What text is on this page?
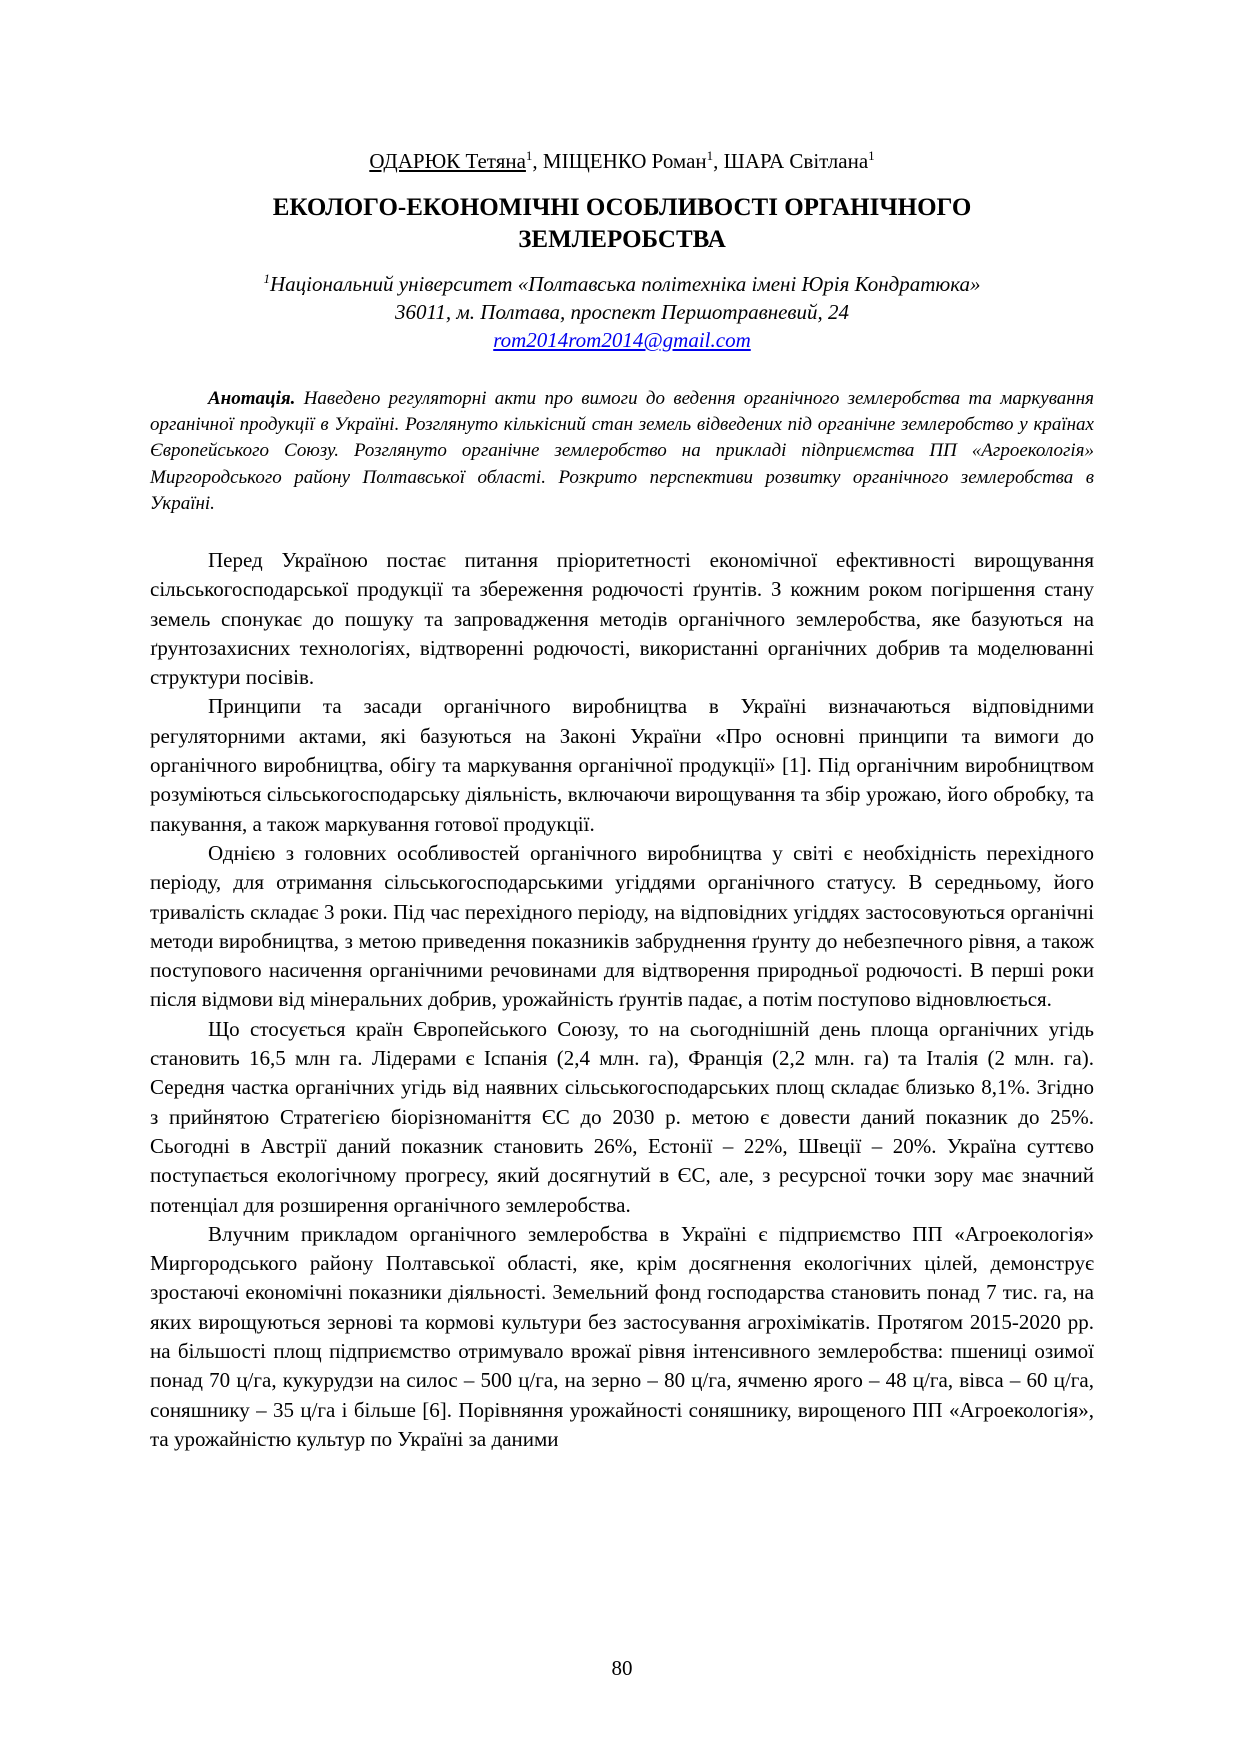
ОДАРЮК Тетяна$^1$, МІЩЕНКО Роман$^1$, ШАРА Світлана$^1$
ЕКОЛОГО-ЕКОНОМІЧНІ ОСОБЛИВОСТІ ОРГАНІЧНОГО
ЗЕМЛЕРОБСТВА
$^1$Національний університет «Полтавська політехніка імені Юрія Кондратюка»
36011, м. Полтава, проспект Першотравневий, 24
rom2014rom2014@gmail.com

Анотація. Наведено регуляторні акти про вимоги до ведення органічного землеробства та маркування органічної продукції в Україні. Розглянуто кількісний стан земель відведених під органічне землеробство у країнах Європейського Союзу. Розглянуто органічне землеробство на прикладі підприємства ПП «Агроекологія» Миргородського району Полтавської області. Розкрито перспективи розвитку органічного землеробства в Україні.

Перед Україною постає питання пріоритетності економічної ефективності вирощування сільськогосподарської продукції та збереження родючості ґрунтів. З кожним роком погіршення стану земель спонукає до пошуку та запровадження методів органічного землеробства, яке базуються на ґрунтозахисних технологіях, відтворенні родючості, використанні органічних добрив та моделюванні структури посівів.

Принципи та засади органічного виробництва в Україні визначаються відповідними регуляторними актами, які базуються на Законі України «Про основні принципи та вимоги до органічного виробництва, обігу та маркування органічної продукції» [1]. Під органічним виробництвом розуміються сільськогосподарську діяльність, включаючи вирощування та збір урожаю, його обробку, та пакування, а також маркування готової продукції.

Однією з головних особливостей органічного виробництва у світі є необхідність перехідного періоду, для отримання сільськогосподарськими угіддями органічного статусу. В середньому, його тривалість складає 3 роки. Під час перехідного періоду, на відповідних угіддях застосовуються органічні методи виробництва, з метою приведення показників забруднення ґрунту до небезпечного рівня, а також поступового насичення органічними речовинами для відтворення природньої родючості. В перші роки після відмови від мінеральних добрив, урожайність ґрунтів падає, а потім поступово відновлюється.

Що стосується країн Європейського Союзу, то на сьогоднішній день площа органічних угідь становить 16,5 млн га. Лідерами є Іспанія (2,4 млн. га), Франція (2,2 млн. га) та Італія (2 млн. га). Середня частка органічних угідь від наявних сільськогосподарських площ складає близько 8,1%. Згідно з прийнятою Стратегією біорізноманіття ЄС до 2030 р. метою є довести даний показник до 25%. Сьогодні в Австрії даний показник становить 26%, Естонії – 22%, Швеції – 20%. Україна суттєво поступається екологічному прогресу, який досягнутий в ЄС, але, з ресурсної точки зору має значний потенціал для розширення органічного землеробства.

Влучним прикладом органічного землеробства в Україні є підприємство ПП «Агроекологія» Миргородського району Полтавської області, яке, крім досягнення екологічних цілей, демонструє зростаючі економічні показники діяльності. Земельний фонд господарства становить понад 7 тис. га, на яких вирощуються зернові та кормові культури без застосування агрохімікатів. Протягом 2015-2020 рр. на більшості площ підприємство отримувало врожаї рівня інтенсивного землеробства: пшениці озимої понад 70 ц/га, кукурудзи на силос – 500 ц/га, на зерно – 80 ц/га, ячменю ярого – 48 ц/га, вівса – 60 ц/га, соняшнику – 35 ц/га і більше [6]. Порівняння урожайності соняшнику, вирощеного ПП «Агроекологія», та урожайністю культур по Україні за даними

80
